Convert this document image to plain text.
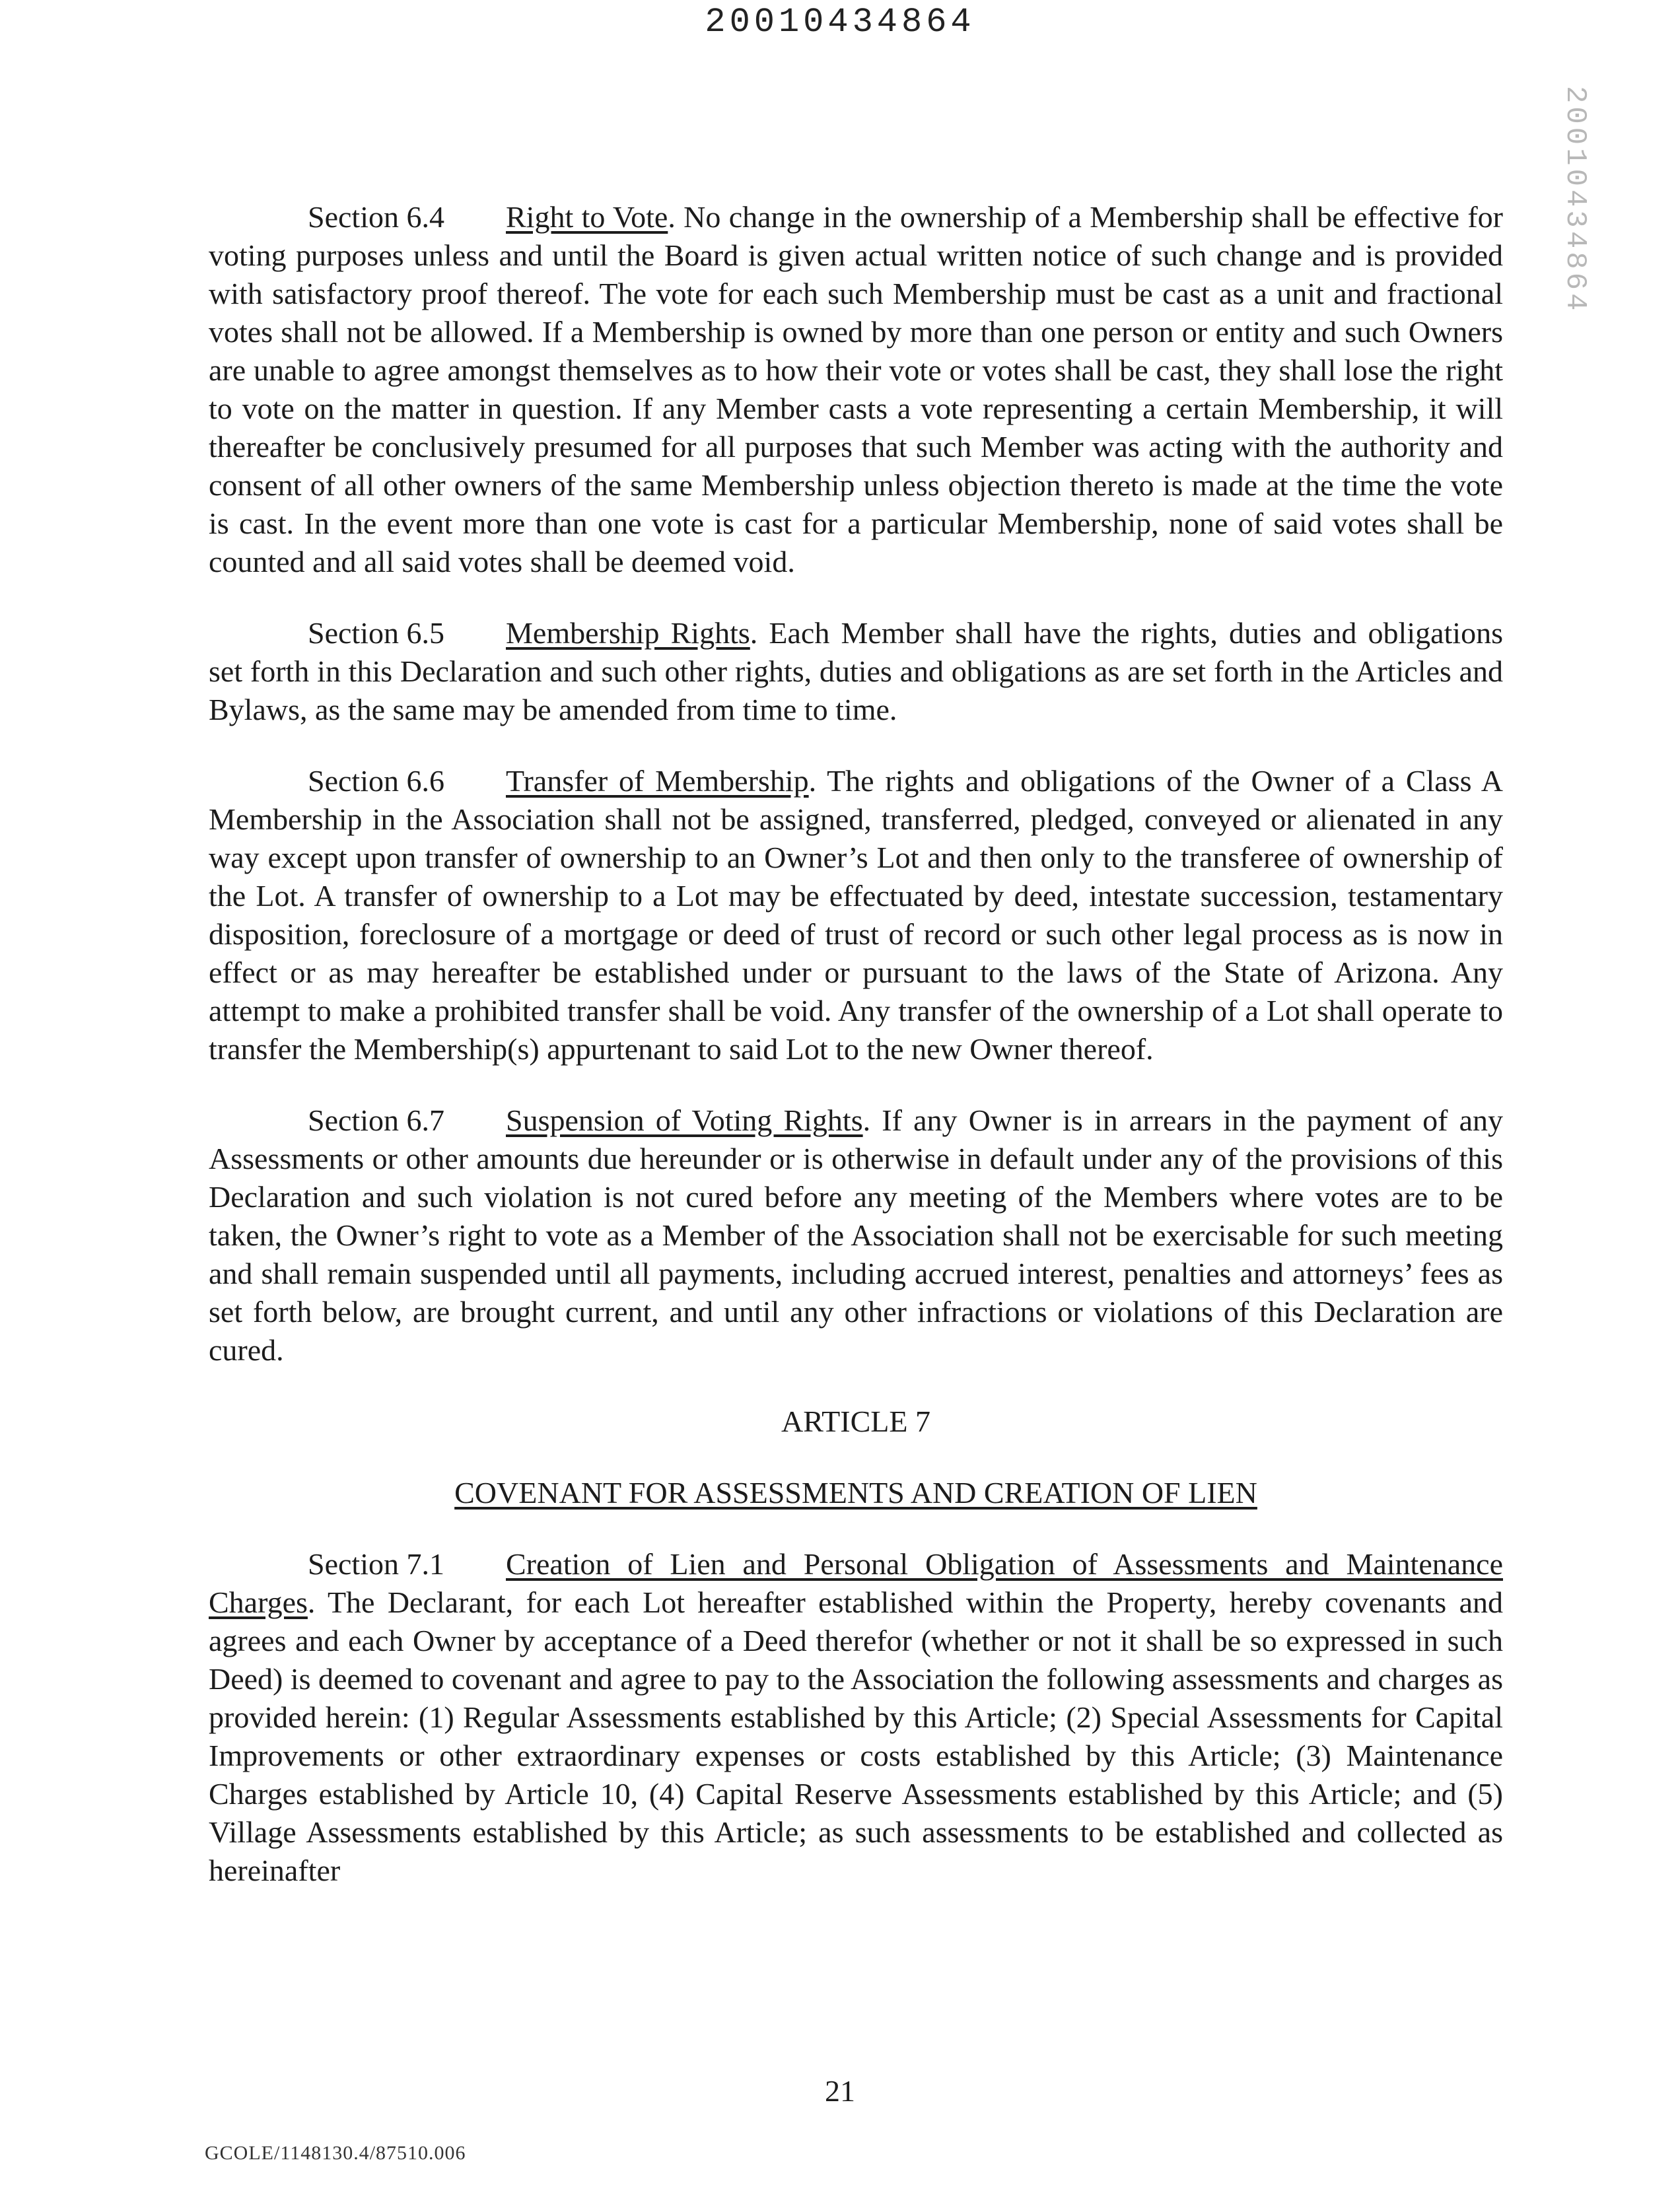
20010434864
20010434864

Section 6.4 Right to Vote. No change in the ownership of a Membership shall be effective for voting purposes unless and until the Board is given actual written notice of such change and is provided with satisfactory proof thereof. The vote for each such Membership must be cast as a unit and fractional votes shall not be allowed. If a Membership is owned by more than one person or entity and such Owners are unable to agree amongst themselves as to how their vote or votes shall be cast, they shall lose the right to vote on the matter in question. If any Member casts a vote representing a certain Membership, it will thereafter be conclusively presumed for all purposes that such Member was acting with the authority and consent of all other owners of the same Membership unless objection thereto is made at the time the vote is cast. In the event more than one vote is cast for a particular Membership, none of said votes shall be counted and all said votes shall be deemed void.

Section 6.5 Membership Rights. Each Member shall have the rights, duties and obligations set forth in this Declaration and such other rights, duties and obligations as are set forth in the Articles and Bylaws, as the same may be amended from time to time.

Section 6.6 Transfer of Membership. The rights and obligations of the Owner of a Class A Membership in the Association shall not be assigned, transferred, pledged, conveyed or alienated in any way except upon transfer of ownership to an Owner’s Lot and then only to the transferee of ownership of the Lot. A transfer of ownership to a Lot may be effectuated by deed, intestate succession, testamentary disposition, foreclosure of a mortgage or deed of trust of record or such other legal process as is now in effect or as may hereafter be established under or pursuant to the laws of the State of Arizona. Any attempt to make a prohibited transfer shall be void. Any transfer of the ownership of a Lot shall operate to transfer the Membership(s) appurtenant to said Lot to the new Owner thereof.

Section 6.7 Suspension of Voting Rights. If any Owner is in arrears in the payment of any Assessments or other amounts due hereunder or is otherwise in default under any of the provisions of this Declaration and such violation is not cured before any meeting of the Members where votes are to be taken, the Owner’s right to vote as a Member of the Association shall not be exercisable for such meeting and shall remain suspended until all payments, including accrued interest, penalties and attorneys’ fees as set forth below, are brought current, and until any other infractions or violations of this Declaration are cured.

ARTICLE 7
COVENANT FOR ASSESSMENTS AND CREATION OF LIEN

Section 7.1 Creation of Lien and Personal Obligation of Assessments and Maintenance Charges. The Declarant, for each Lot hereafter established within the Property, hereby covenants and agrees and each Owner by acceptance of a Deed therefor (whether or not it shall be so expressed in such Deed) is deemed to covenant and agree to pay to the Association the following assessments and charges as provided herein: (1) Regular Assessments established by this Article; (2) Special Assessments for Capital Improvements or other extraordinary expenses or costs established by this Article; (3) Maintenance Charges established by Article 10, (4) Capital Reserve Assessments established by this Article; and (5) Village Assessments established by this Article; as such assessments to be established and collected as hereinafter

21
GCOLE/1148130.4/87510.006
